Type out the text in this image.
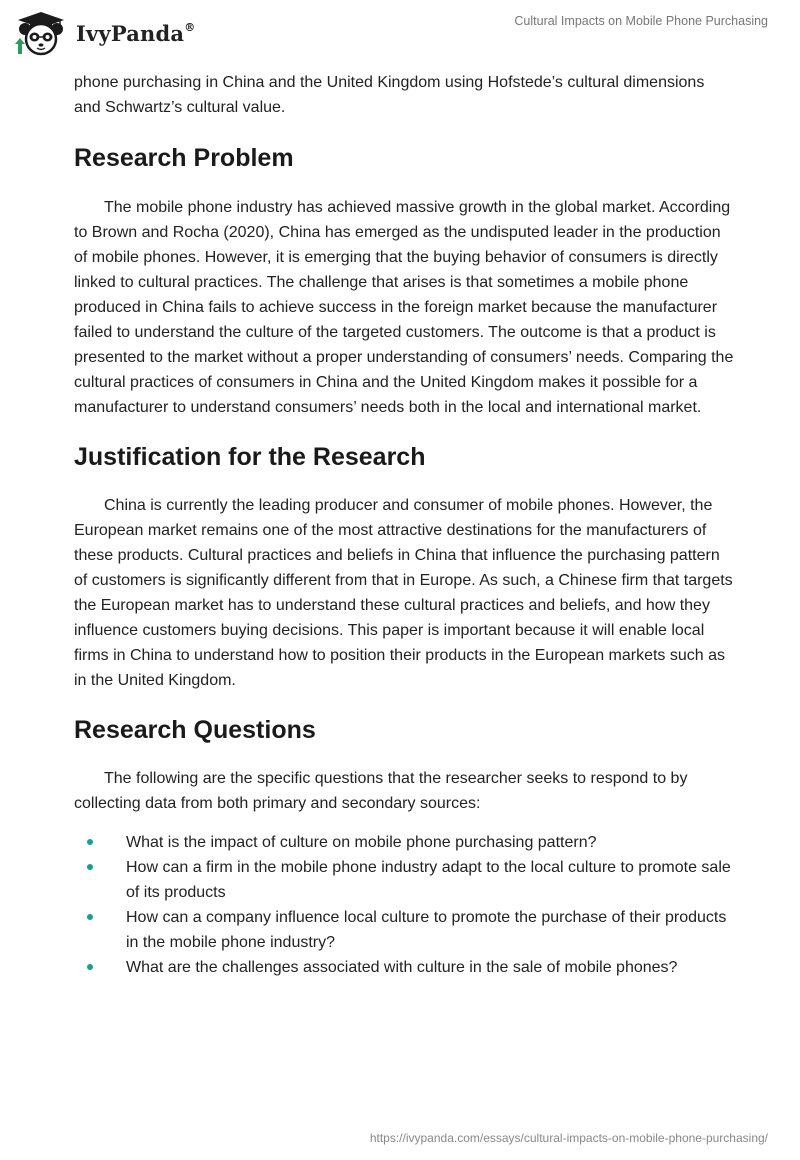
IvyPanda®	Cultural Impacts on Mobile Phone Purchasing

phone purchasing in China and the United Kingdom using Hofstede’s cultural dimensions and Schwartz’s cultural value.

Research Problem

The mobile phone industry has achieved massive growth in the global market. According to Brown and Rocha (2020), China has emerged as the undisputed leader in the production of mobile phones. However, it is emerging that the buying behavior of consumers is directly linked to cultural practices. The challenge that arises is that sometimes a mobile phone produced in China fails to achieve success in the foreign market because the manufacturer failed to understand the culture of the targeted customers. The outcome is that a product is presented to the market without a proper understanding of consumers’ needs. Comparing the cultural practices of consumers in China and the United Kingdom makes it possible for a manufacturer to understand consumers’ needs both in the local and international market.

Justification for the Research

China is currently the leading producer and consumer of mobile phones. However, the European market remains one of the most attractive destinations for the manufacturers of these products. Cultural practices and beliefs in China that influence the purchasing pattern of customers is significantly different from that in Europe. As such, a Chinese firm that targets the European market has to understand these cultural practices and beliefs, and how they influence customers buying decisions. This paper is important because it will enable local firms in China to understand how to position their products in the European markets such as in the United Kingdom.

Research Questions

The following are the specific questions that the researcher seeks to respond to by collecting data from both primary and secondary sources:

What is the impact of culture on mobile phone purchasing pattern?
How can a firm in the mobile phone industry adapt to the local culture to promote sale of its products
How can a company influence local culture to promote the purchase of their products in the mobile phone industry?
What are the challenges associated with culture in the sale of mobile phones?
https://ivypanda.com/essays/cultural-impacts-on-mobile-phone-purchasing/
